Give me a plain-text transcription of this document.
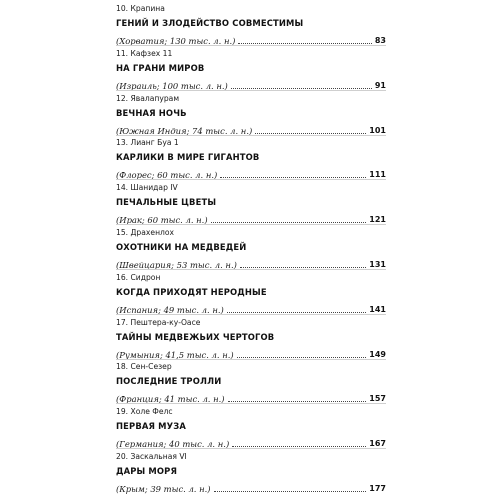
10. Крапина
ГЕНИЙ И ЗЛОДЕЙСТВО СОВМЕСТИМЫ
(Хорватия; 130 тыс. л. н.)	83
11. Кафзех 11
НА ГРАНИ МИРОВ
(Израиль; 100 тыс. л. н.)	91
12. Явалапурам
ВЕЧНАЯ НОЧЬ
(Южная Индия; 74 тыс. л. н.)	101
13. Лианг Буа 1
КАРЛИКИ В МИРЕ ГИГАНТОВ
(Флорес; 60 тыс. л. н.)	111
14. Шанидар IV
ПЕЧАЛЬНЫЕ ЦВЕТЫ
(Ирак; 60 тыс. л. н.)	121
15. Драхенлох
ОХОТНИКИ НА МЕДВЕДЕЙ
(Швейцария; 53 тыс. л. н.)	131
16. Сидрон
КОГДА ПРИХОДЯТ НЕРОДНЫЕ
(Испания; 49 тыс. л. н.)	141
17. Пештера-ку-Оасе
ТАЙНЫ МЕДВЕЖЬИХ ЧЕРТОГОВ
(Румыния; 41,5 тыс. л. н.)	149
18. Сен-Сезер
ПОСЛЕДНИЕ ТРОЛЛИ
(Франция; 41 тыс. л. н.)	157
19. Холе Фелс
ПЕРВАЯ МУЗА
(Германия; 40 тыс. л. н.)	167
20. Заскальная VI
ДАРЫ МОРЯ
(Крым; 39 тыс. л. н.)	177
